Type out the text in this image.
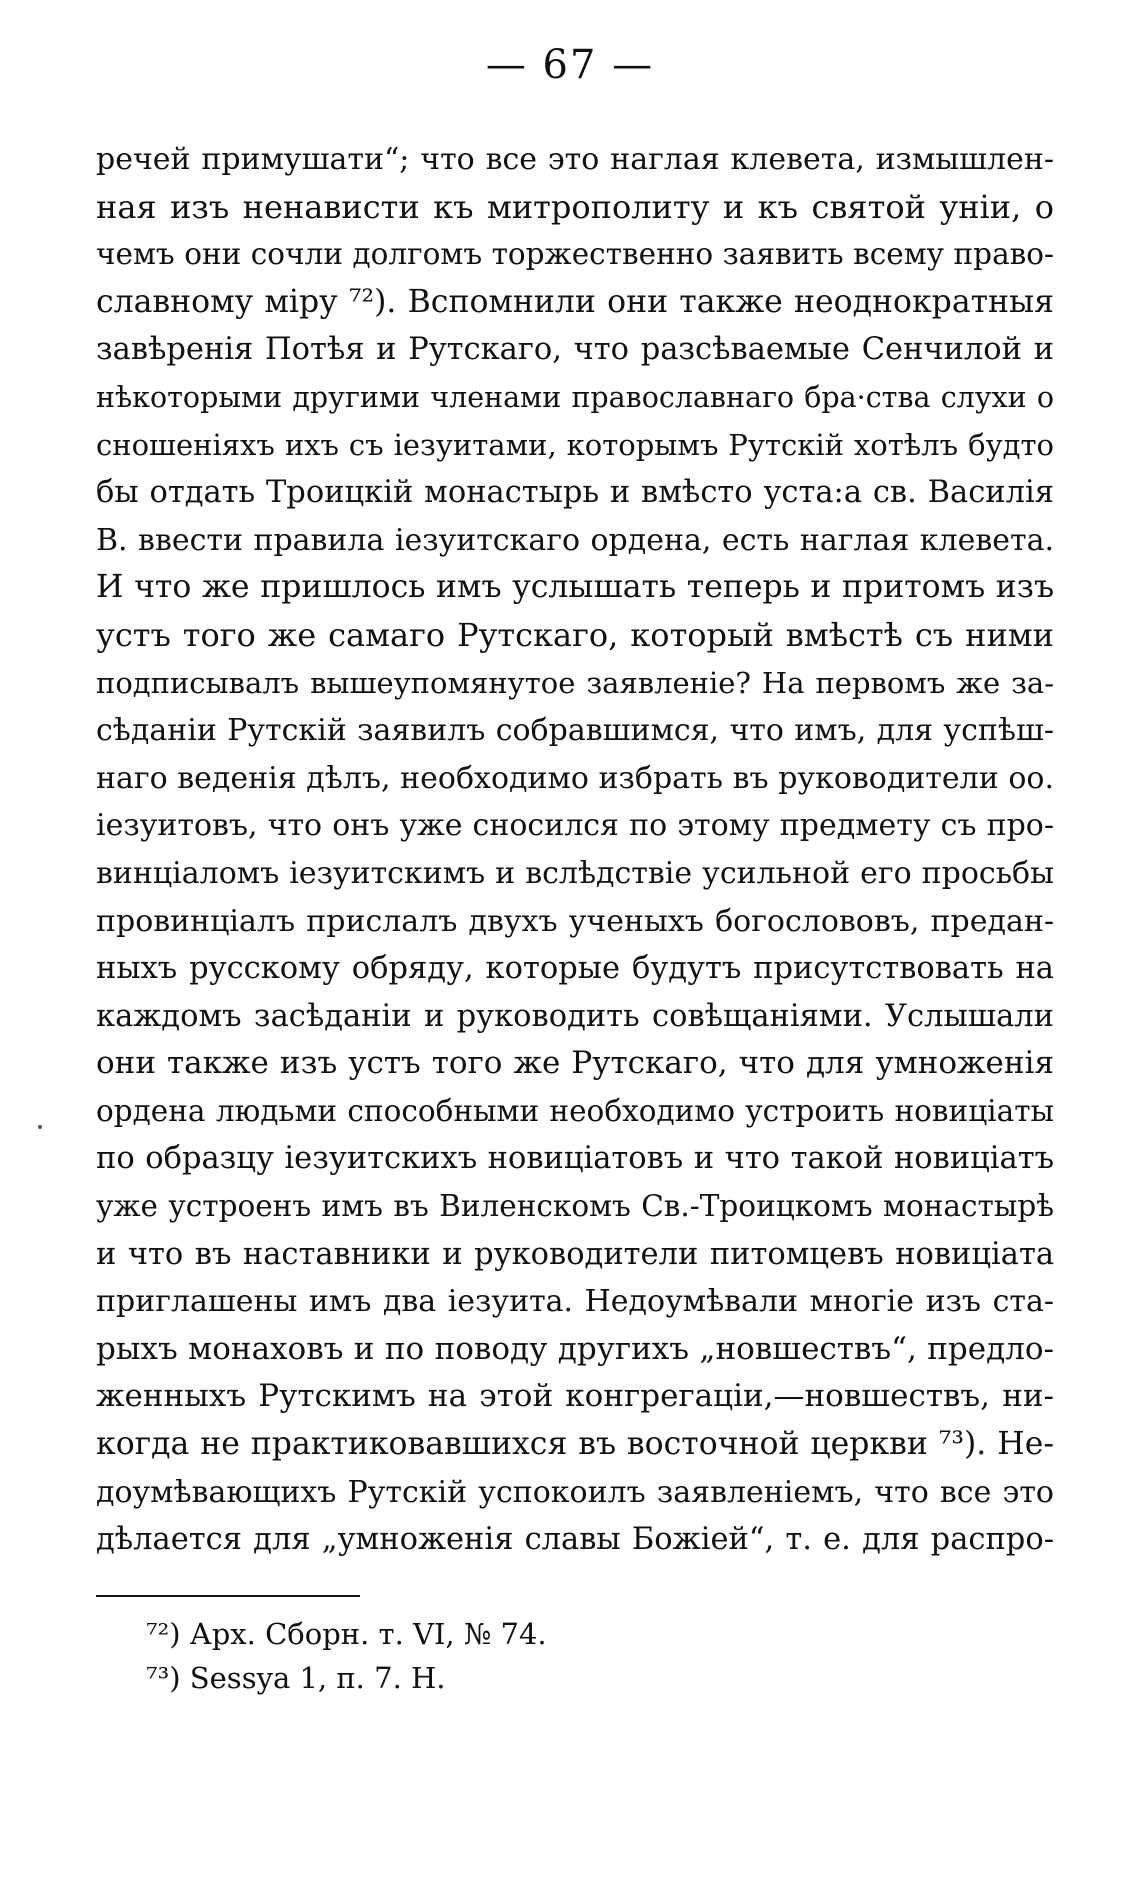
— 67 —
речей примушати“; что все это наглая клевета, измышлен-
ная изъ ненависти къ митрополиту и къ святой уніи, о
чемъ они сочли долгомъ торжественно заявить всему право-
славному міру ⁷²). Вспомнили они также неоднократныя
завѣренія Потѣя и Рутскаго, что разсѣваемые Сенчилой и
нѣкоторыми другими членами православнаго бра·ства слухи о
сношеніяхъ ихъ съ іезуитами, которымъ Рутскій хотѣлъ будто
бы отдать Троицкій монастырь и вмѣсто уста:а св. Василія
В. ввести правила іезуитскаго ордена, есть наглая клевета.
И что же пришлось имъ услышать теперь и притомъ изъ
устъ того же самаго Рутскаго, который вмѣстѣ съ ними
подписывалъ вышеупомянутое заявленіе? На первомъ же за-
сѣданіи Рутскій заявилъ собравшимся, что имъ, для успѣш-
наго веденія дѣлъ, необходимо избрать въ руководители оо.
іезуитовъ, что онъ уже сносился по этому предмету съ про-
винціаломъ іезуитскимъ и вслѣдствіе усильной его просьбы
провинціалъ прислалъ двухъ ученыхъ богослововъ, предан-
ныхъ русскому обряду, которые будутъ присутствовать на
каждомъ засѣданіи и руководить совѣщаніями. Услышали
они также изъ устъ того же Рутскаго, что для умноженія
ордена людьми способными необходимо устроить новиціаты
по образцу іезуитскихъ новиціатовъ и что такой новиціатъ
уже устроенъ имъ въ Виленскомъ Св.-Троицкомъ монастырѣ
и что въ наставники и руководители питомцевъ новиціата
приглашены имъ два іезуита. Недоумѣвали многіе изъ ста-
рыхъ монаховъ и по поводу другихъ „новшествъ“, предло-
женныхъ Рутскимъ на этой конгрегаціи,—новшествъ, ни-
когда не практиковавшихся въ восточной церкви ⁷³). Не-
доумѣвающихъ Рутскій успокоилъ заявленіемъ, что все это
дѣлается для „умноженія славы Божіей“, т. е. для распро-
⁷²) Арх. Сборн. т. VI, № 74.
⁷³) Sessya 1, п. 7. Н.
